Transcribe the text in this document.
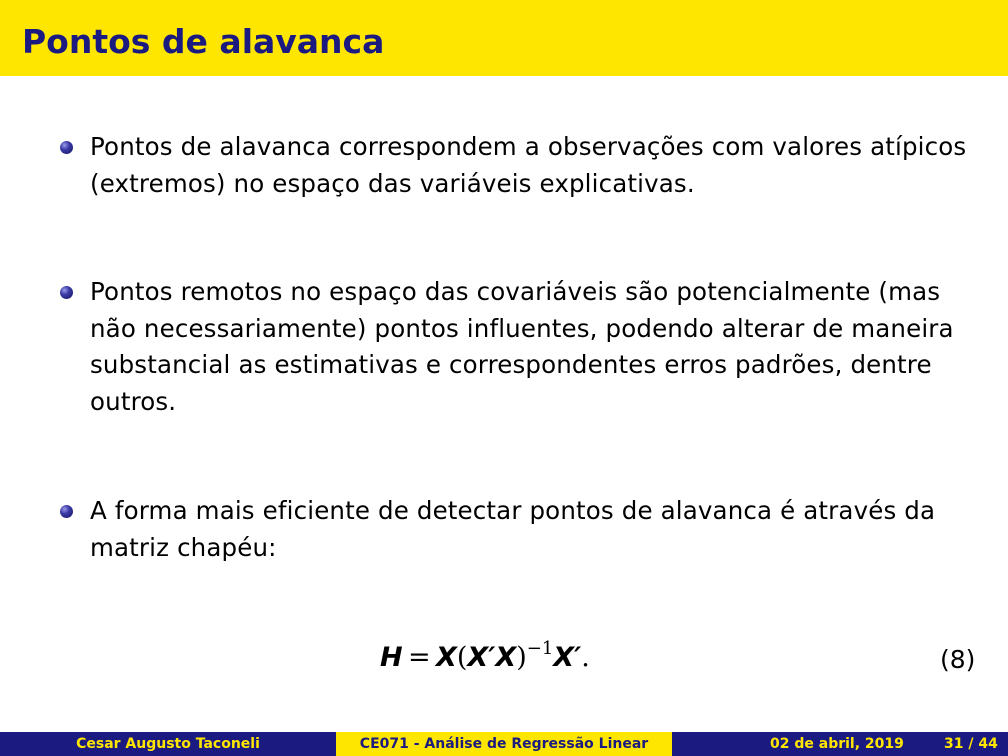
Pontos de alavanca
Pontos de alavanca correspondem a observações com valores atípicos
(extremos) no espaço das variáveis explicativas.
Pontos remotos no espaço das covariáveis são potencialmente (mas
não necessariamente) pontos influentes, podendo alterar de maneira
substancial as estimativas e correspondentes erros padrões, dentre
outros.
A forma mais eficiente de detectar pontos de alavanca é através da
matriz chapéu:
$H = X(X'X)^{-1}X'$.	(8)
Cesar Augusto Taconeli	CE071 - Análise de Regressão Linear	02 de abril, 2019	31 / 44
